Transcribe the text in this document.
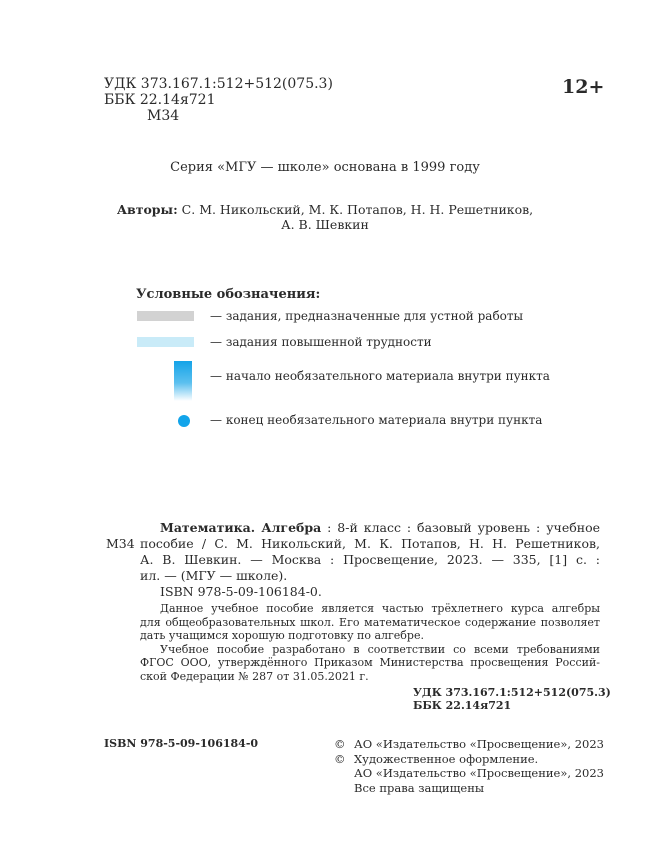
УДК 373.167.1:512+512(075.3)
ББК 22.14я721
М34
12+
Серия «МГУ — школе» основана в 1999 году
Авторы: С. М. Никольский, М. К. Потапов, Н. Н. Решетников,
А. В. Шевкин
Условные обозначения:
— задания, предназначенные для устной работы
— задания повышенной трудности
— начало необязательного материала внутри пункта
— конец необязательного материала внутри пункта
Математика. Алгебра : 8-й класс : базовый уровень : учебное
М34 пособие / С. М. Никольский, М. К. Потапов, Н. Н. Решетников,
А. В. Шевкин. — Москва : Просвещение, 2023. — 335, [1] с. :
ил. — (МГУ — школе).
ISBN 978-5-09-106184-0.
Данное учебное пособие является частью трёхлетнего курса алгебры
для общеобразовательных школ. Его математическое содержание позволяет
дать учащимся хорошую подготовку по алгебре.
Учебное пособие разработано в соответствии со всеми требованиями
ФГОС ООО, утверждённого Приказом Министерства просвещения Россий-
ской Федерации № 287 от 31.05.2021 г.
УДК 373.167.1:512+512(075.3)
ББК 22.14я721
ISBN 978-5-09-106184-0	© АО «Издательство «Просвещение», 2023
© Художественное оформление.
АО «Издательство «Просвещение», 2023
Все права защищены
